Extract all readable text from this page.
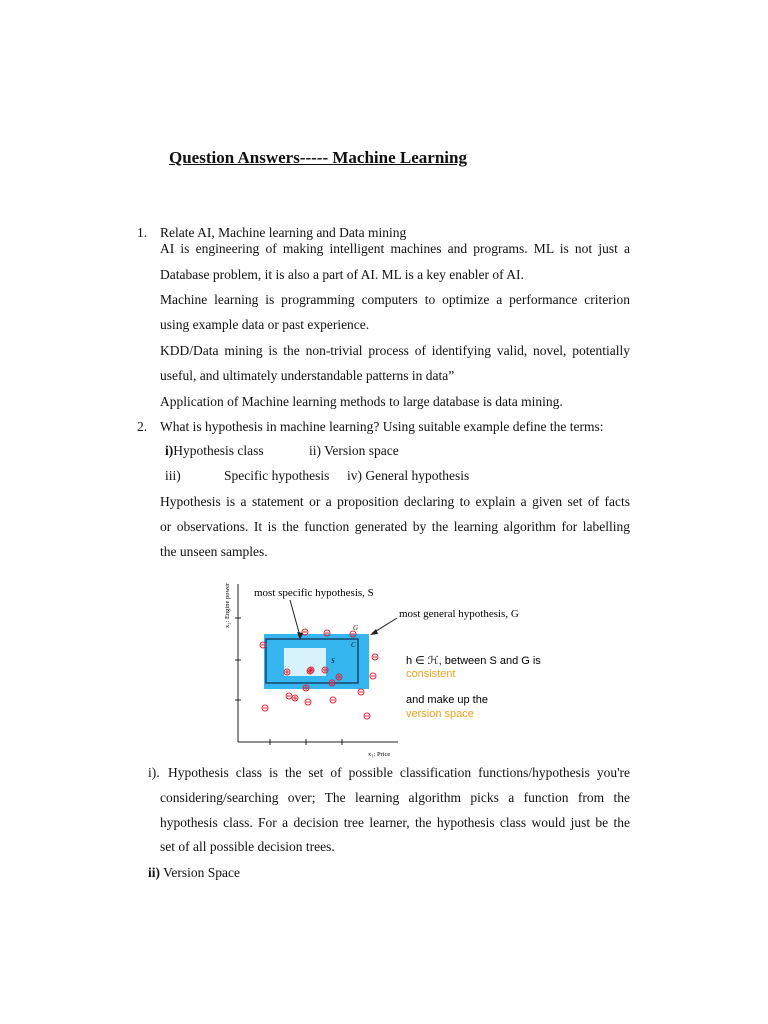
Question Answers----- Machine Learning
1. Relate AI, Machine learning and Data mining
AI is engineering of making intelligent machines and programs. ML is not just a
Database problem, it is also a part of AI. ML is a key enabler of AI.
Machine learning is programming computers to optimize a performance criterion
using example data or past experience.
KDD/Data mining is the non-trivial process of identifying valid, novel, potentially
useful, and ultimately understandable patterns in data”
Application of Machine learning methods to large database is data mining.
2. What is hypothesis in machine learning? Using suitable example define the terms:
i)Hypothesis class	ii) Version space
iii)	Specific hypothesis iv) General hypothesis
Hypothesis is a statement or a proposition declaring to explain a given set of facts
or observations. It is the function generated by the learning algorithm for labelling
the unseen samples.
x₂: Engine power
x₁: Price
G
C
S
most specific hypothesis, S
most general hypothesis, G
h ∈ ℋ, between S and G is
consistent
and make up the
version space
i). Hypothesis class is the set of possible classification functions/hypothesis you're
considering/searching over; The learning algorithm picks a function from the
hypothesis class. For a decision tree learner, the hypothesis class would just be the
set of all possible decision trees.
ii) Version Space
